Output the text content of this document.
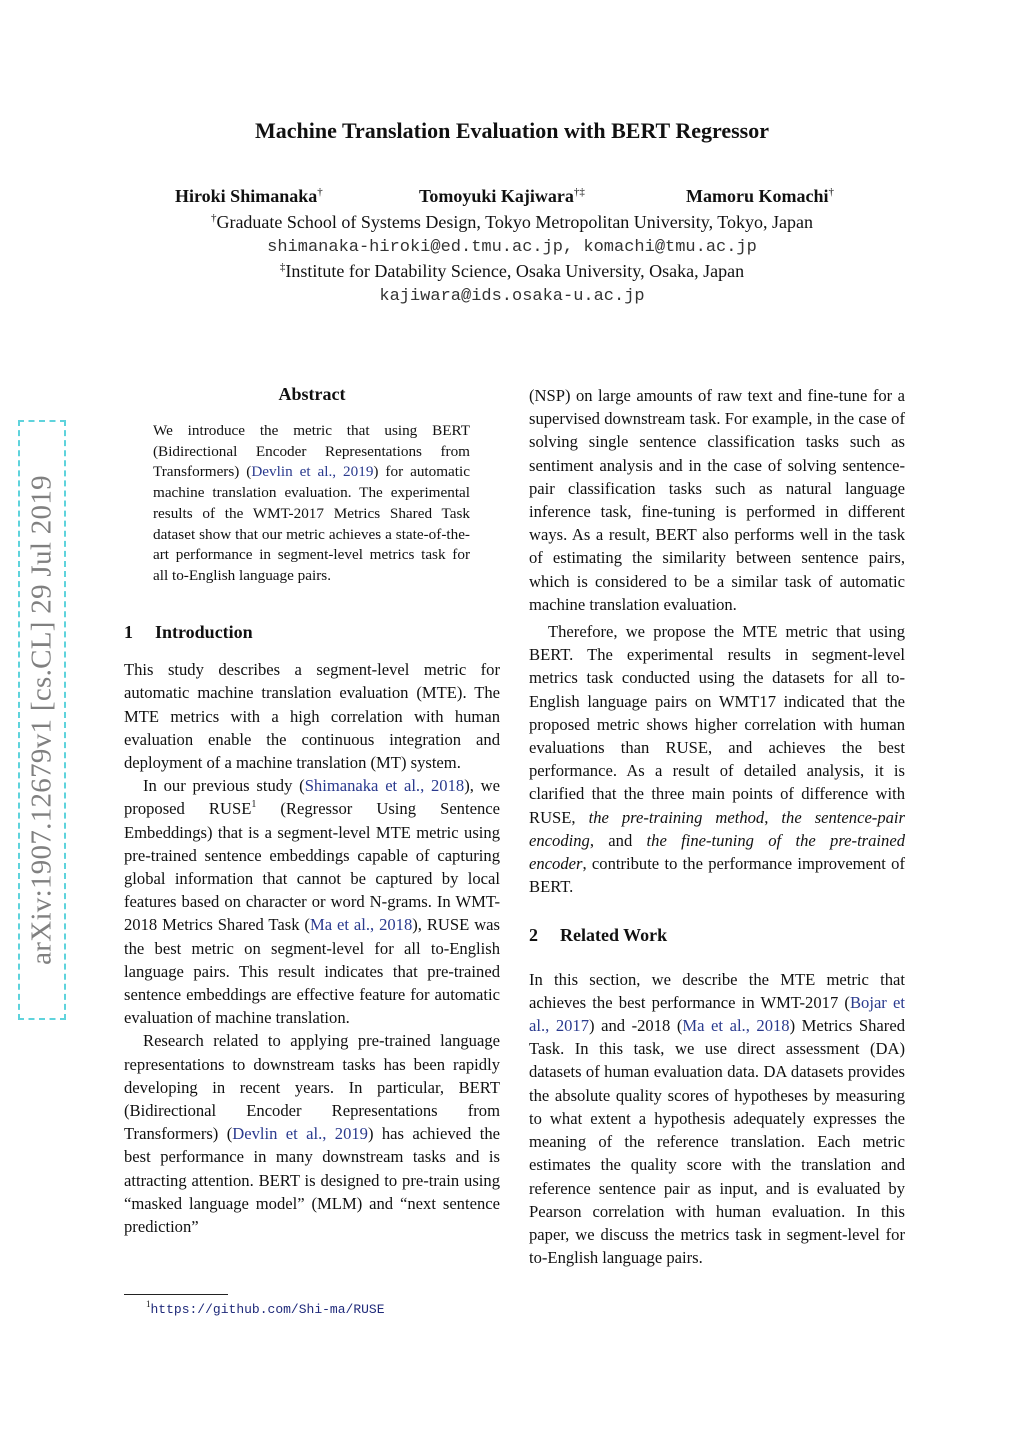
Machine Translation Evaluation with BERT Regressor
Hiroki Shimanaka†	Tomoyuki Kajiwara†‡	Mamoru Komachi†
†Graduate School of Systems Design, Tokyo Metropolitan University, Tokyo, Japan
shimanaka-hiroki@ed.tmu.ac.jp, komachi@tmu.ac.jp
‡Institute for Datability Science, Osaka University, Osaka, Japan
kajiwara@ids.osaka-u.ac.jp
arXiv:1907.12679v1 [cs.CL] 29 Jul 2019
Abstract
We introduce the metric that using BERT (Bidirectional Encoder Representations from Transformers) (Devlin et al., 2019) for automatic machine translation evaluation. The experimental results of the WMT-2017 Metrics Shared Task dataset show that our metric achieves a state-of-the-art performance in segment-level metrics task for all to-English language pairs.
1 Introduction

This study describes a segment-level metric for automatic machine translation evaluation (MTE). The MTE metrics with a high correlation with human evaluation enable the continuous integration and deployment of a machine translation (MT) system.

In our previous study (Shimanaka et al., 2018), we proposed RUSE$^1$ (Regressor Using Sentence Embeddings) that is a segment-level MTE metric using pre-trained sentence embeddings capable of capturing global information that cannot be captured by local features based on character or word N-grams. In WMT-2018 Metrics Shared Task (Ma et al., 2018), RUSE was the best metric on segment-level for all to-English language pairs. This result indicates that pre-trained sentence embeddings are effective feature for automatic evaluation of machine translation.

Research related to applying pre-trained language representations to downstream tasks has been rapidly developing in recent years. In particular, BERT (Bidirectional Encoder Representations from Transformers) (Devlin et al., 2019) has achieved the best performance in many downstream tasks and is attracting attention. BERT is designed to pre-train using “masked language model” (MLM) and “next sentence prediction”

(NSP) on large amounts of raw text and fine-tune for a supervised downstream task. For example, in the case of solving single sentence classification tasks such as sentiment analysis and in the case of solving sentence-pair classification tasks such as natural language inference task, fine-tuning is performed in different ways. As a result, BERT also performs well in the task of estimating the similarity between sentence pairs, which is considered to be a similar task of automatic machine translation evaluation.

Therefore, we propose the MTE metric that using BERT. The experimental results in segment-level metrics task conducted using the datasets for all to-English language pairs on WMT17 indicated that the proposed metric shows higher correlation with human evaluations than RUSE, and achieves the best performance. As a result of detailed analysis, it is clarified that the three main points of difference with RUSE, the pre-training method, the sentence-pair encoding, and the fine-tuning of the pre-trained encoder, contribute to the performance improvement of BERT.

2 Related Work

In this section, we describe the MTE metric that achieves the best performance in WMT-2017 (Bojar et al., 2017) and -2018 (Ma et al., 2018) Metrics Shared Task. In this task, we use direct assessment (DA) datasets of human evaluation data. DA datasets provides the absolute quality scores of hypotheses by measuring to what extent a hypothesis adequately expresses the meaning of the reference translation. Each metric estimates the quality score with the translation and reference sentence pair as input, and is evaluated by Pearson correlation with human evaluation. In this paper, we discuss the metrics task in segment-level for to-English language pairs.

$^1$https://github.com/Shi-ma/RUSE
